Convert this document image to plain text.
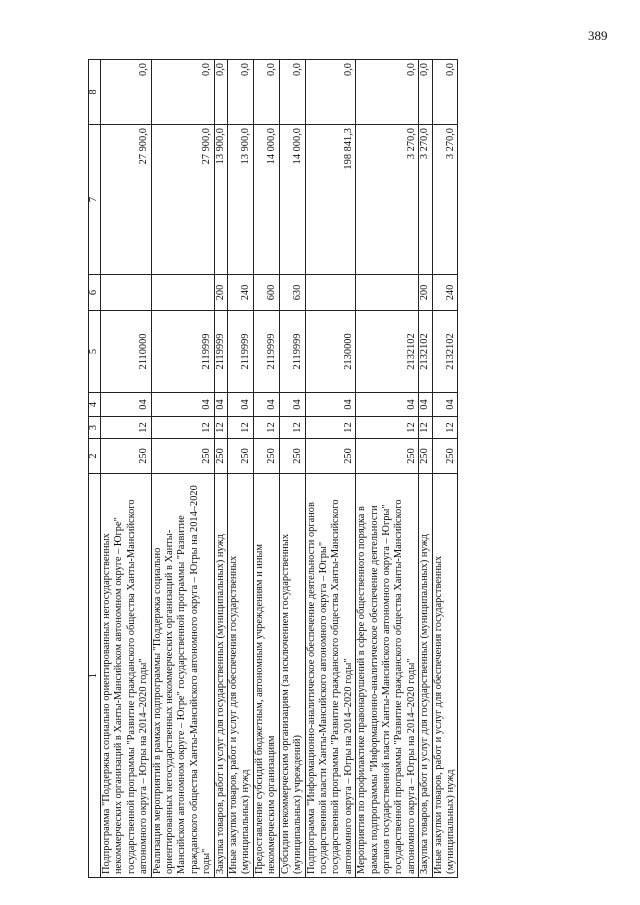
389
1	2	3	4	5	6	7	8
Подпрограмма "Поддержка социально ориентированных негосударственных некоммерческих организаций в Ханты-Мансийском автономном округе – Югре" государственной программы "Развитие гражданского общества Ханты-Мансийского автономного округа – Югры на 2014–2020 годы"	250	12	04	2110000		27 900,0	0,0
Реализация мероприятий в рамках подпрограммы "Поддержка социально ориентированных негосударственных некоммерческих организаций в Ханты-Мансийском автономном округе – Югре" государственной программы "Развитие гражданского общества Ханты-Мансийского автономного округа – Югры на 2014–2020 годы"	250	12	04	2119999		27 900,0	0,0
Закупка товаров, работ и услуг для государственных (муниципальных) нужд	250	12	04	2119999	200	13 900,0	0,0
Иные закупки товаров, работ и услуг для обеспечения государственных (муниципальных) нужд	250	12	04	2119999	240	13 900,0	0,0
Предоставление субсидий бюджетным, автономным учреждениям и иным некоммерческим организациям	250	12	04	2119999	600	14 000,0	0,0
Субсидии некоммерческим организациям (за исключением государственных (муниципальных) учреждений)	250	12	04	2119999	630	14 000,0	0,0
Подпрограмма "Информационно-аналитическое обеспечение деятельности органов государственной власти Ханты-Мансийского автономного округа – Югры" государственной программы "Развитие гражданского общества Ханты-Мансийского автономного округа – Югры на 2014–2020 годы"	250	12	04	2130000		198 841,3	0,0
Мероприятия по профилактике правонарушений в сфере общественного порядка в рамках подпрограммы "Информационно-аналитическое обеспечение деятельности органов государственной власти Ханты-Мансийского автономного округа – Югры" государственной программы "Развитие гражданского общества Ханты-Мансийского автономного округа – Югры на 2014–2020 годы"	250	12	04	2132102		3 270,0	0,0
Закупка товаров, работ и услуг для государственных (муниципальных) нужд	250	12	04	2132102	200	3 270,0	0,0
Иные закупки товаров, работ и услуг для обеспечения государственных (муниципальных) нужд	250	12	04	2132102	240	3 270,0	0,0
